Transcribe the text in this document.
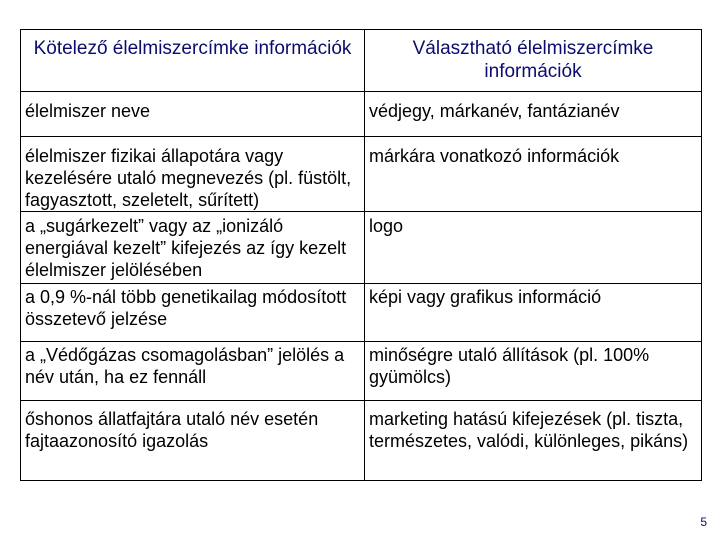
Kötelező élelmiszercímke információk	Választható élelmiszercímke információk
élelmiszer neve	védjegy, márkanév, fantázianév
élelmiszer fizikai állapotára vagy kezelésére utaló megnevezés (pl. füstölt, fagyasztott, szeletelt, sűrített)	márkára vonatkozó információk
a „sugárkezelt” vagy az „ionizáló energiával kezelt” kifejezés az így kezelt élelmiszer jelölésében	logo
a 0,9 %-nál több genetikailag módosított összetevő jelzése	képi vagy grafikus információ
a „Védőgázas csomagolásban” jelölés a név után, ha ez fennáll	minőségre utaló állítások (pl. 100% gyümölcs)
őshonos állatfajtára utaló név esetén fajtaazonosító igazolás	marketing hatású kifejezések (pl. tiszta, természetes, valódi, különleges, pikáns)
5
